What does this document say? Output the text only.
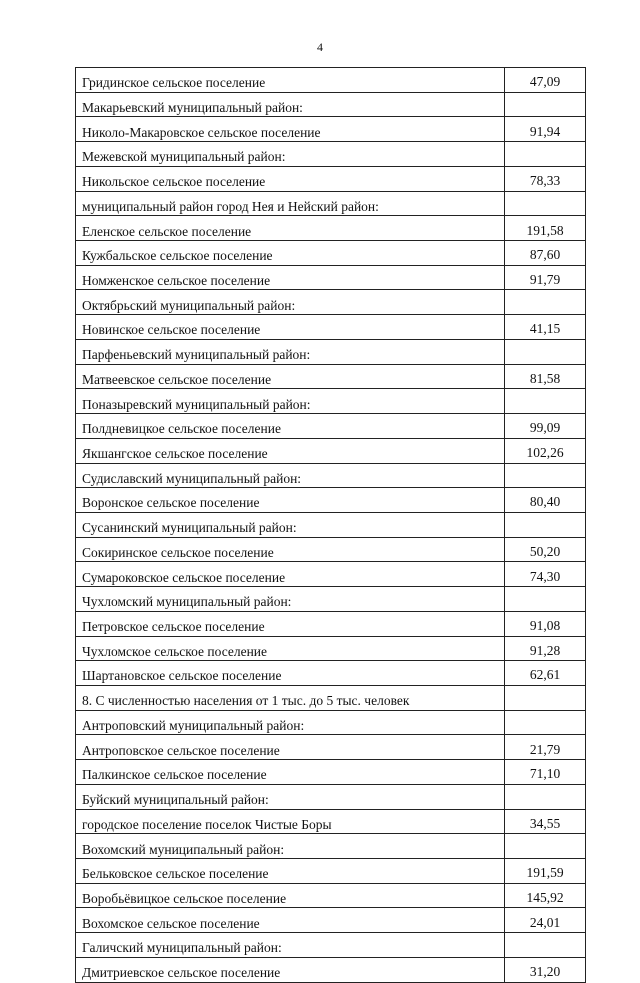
4
Гридинское сельское поселение	47,09
Макарьевский муниципальный район:	
Николо-Макаровское сельское поселение	91,94
Межевской муниципальный район:	
Никольское сельское поселение	78,33
муниципальный район город Нея и Нейский район:	
Еленское сельское поселение	191,58
Кужбальское сельское поселение	87,60
Номженское сельское поселение	91,79
Октябрьский муниципальный район:	
Новинское сельское поселение	41,15
Парфеньевский муниципальный район:	
Матвеевское сельское поселение	81,58
Поназыревский муниципальный район:	
Полдневицкое сельское поселение	99,09
Якшангское сельское поселение	102,26
Судиславский муниципальный район:	
Воронское сельское поселение	80,40
Сусанинский муниципальный район:	
Сокиринское сельское поселение	50,20
Сумароковское сельское поселение	74,30
Чухломский муниципальный район:	
Петровское сельское поселение	91,08
Чухломское сельское поселение	91,28
Шартановское сельское поселение	62,61
8. С численностью населения от 1 тыс. до 5 тыс. человек	
Антроповский муниципальный район:	
Антроповское сельское поселение	21,79
Палкинское сельское поселение	71,10
Буйский муниципальный район:	
городское поселение поселок Чистые Боры	34,55
Вохомский муниципальный район:	
Бельковское сельское поселение	191,59
Воробьёвицкое сельское поселение	145,92
Вохомское сельское поселение	24,01
Галичский муниципальный район:	
Дмитриевское сельское поселение	31,20
